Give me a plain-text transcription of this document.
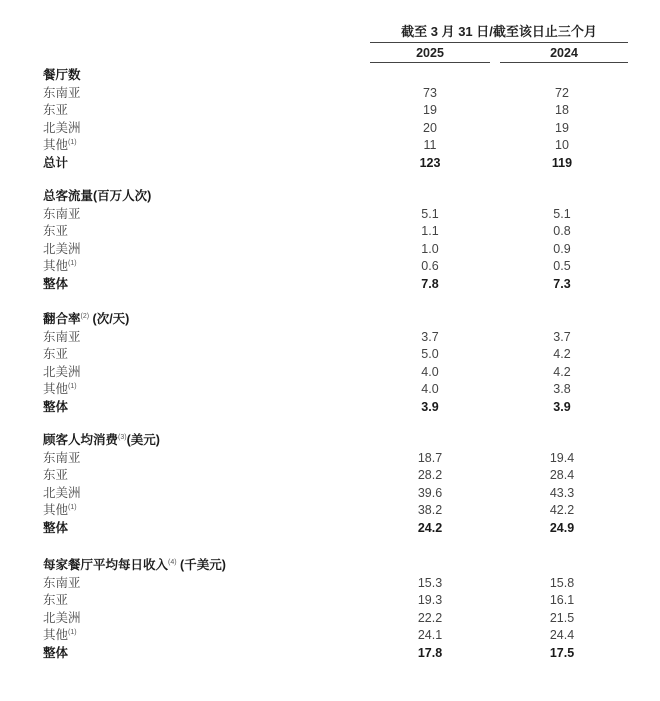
截至 3 月 31 日/截至该日止三个月
2025	2024
餐厅数
东南亚	73	72
东亚	19	18
北美洲	20	19
其他$^{(1)}$	11	10
总计	123	119
总客流量(百万人次)
东南亚	5.1	5.1
东亚	1.1	0.8
北美洲	1.0	0.9
其他$^{(1)}$	0.6	0.5
整体	7.8	7.3
翻合率$^{(2)}$ (次/天)
东南亚	3.7	3.7
东亚	5.0	4.2
北美洲	4.0	4.2
其他$^{(1)}$	4.0	3.8
整体	3.9	3.9
顾客人均消费$^{(3)}$(美元)
东南亚	18.7	19.4
东亚	28.2	28.4
北美洲	39.6	43.3
其他$^{(1)}$	38.2	42.2
整体	24.2	24.9
每家餐厅平均每日收入$^{(4)}$ (千美元)
东南亚	15.3	15.8
东亚	19.3	16.1
北美洲	22.2	21.5
其他$^{(1)}$	24.1	24.4
整体	17.8	17.5
